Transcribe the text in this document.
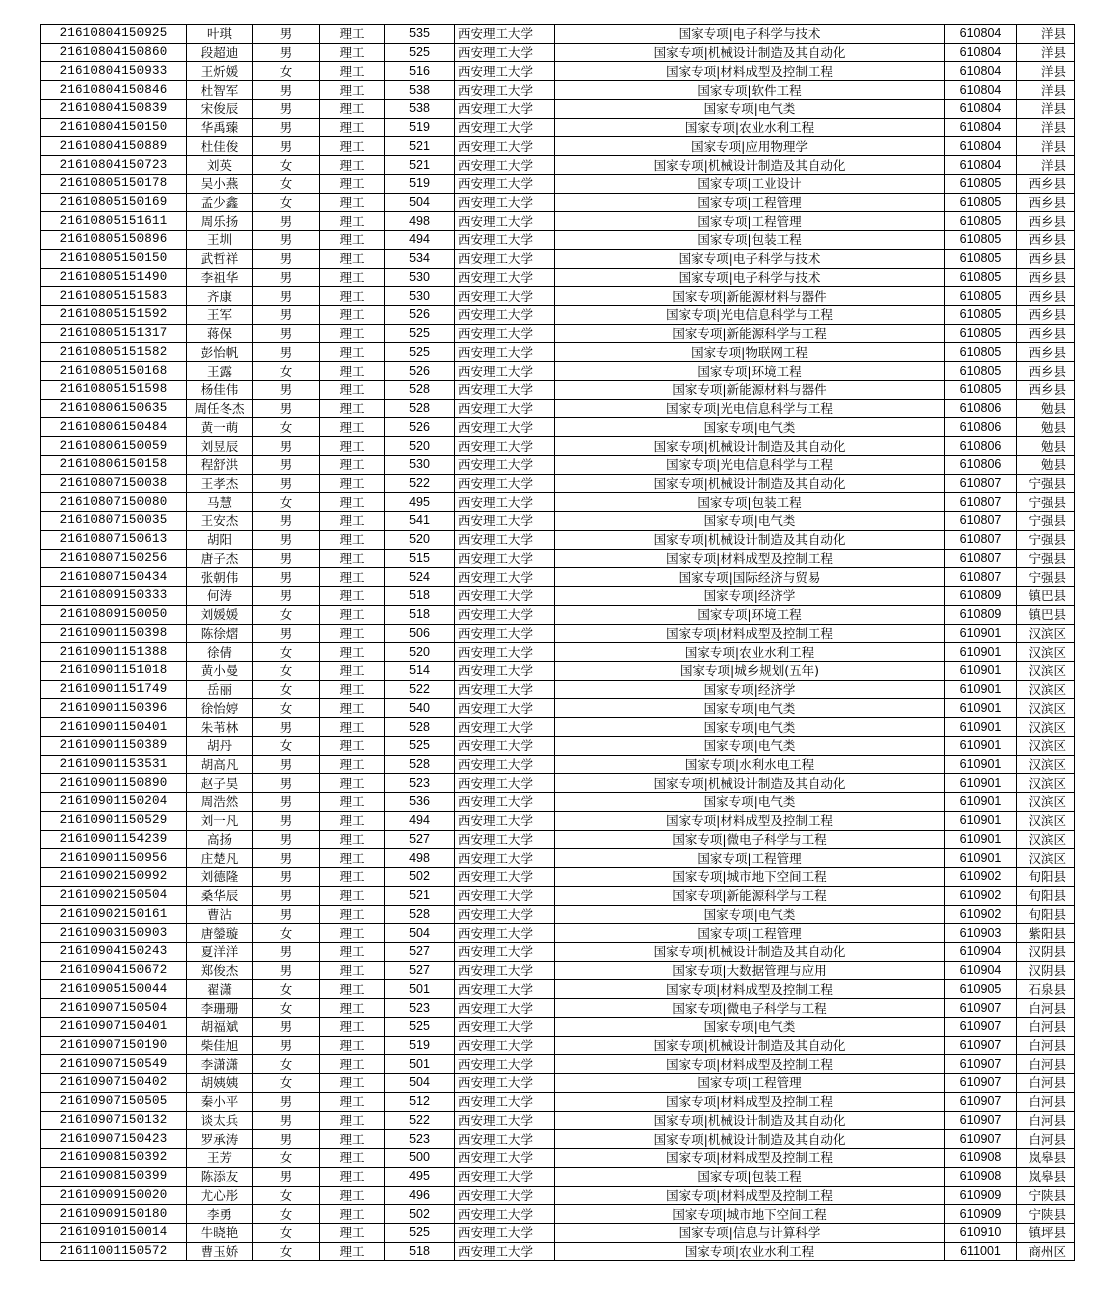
21610804150925	叶琪	男	理工	535	西安理工大学	国家专项|电子科学与技术	610804	洋县
21610804150860	段超迪	男	理工	525	西安理工大学	国家专项|机械设计制造及其自动化	610804	洋县
21610804150933	王炘媛	女	理工	516	西安理工大学	国家专项|材料成型及控制工程	610804	洋县
21610804150846	杜智军	男	理工	538	西安理工大学	国家专项|软件工程	610804	洋县
21610804150839	宋俊辰	男	理工	538	西安理工大学	国家专项|电气类	610804	洋县
21610804150150	华禹臻	男	理工	519	西安理工大学	国家专项|农业水利工程	610804	洋县
21610804150889	杜佳俊	男	理工	521	西安理工大学	国家专项|应用物理学	610804	洋县
21610804150723	刘英	女	理工	521	西安理工大学	国家专项|机械设计制造及其自动化	610804	洋县
21610805150178	吴小燕	女	理工	519	西安理工大学	国家专项|工业设计	610805	西乡县
21610805150169	孟少鑫	女	理工	504	西安理工大学	国家专项|工程管理	610805	西乡县
21610805151611	周乐扬	男	理工	498	西安理工大学	国家专项|工程管理	610805	西乡县
21610805150896	王圳	男	理工	494	西安理工大学	国家专项|包装工程	610805	西乡县
21610805150150	武哲祥	男	理工	534	西安理工大学	国家专项|电子科学与技术	610805	西乡县
21610805151490	李祖华	男	理工	530	西安理工大学	国家专项|电子科学与技术	610805	西乡县
21610805151583	齐康	男	理工	530	西安理工大学	国家专项|新能源材料与器件	610805	西乡县
21610805151592	王军	男	理工	526	西安理工大学	国家专项|光电信息科学与工程	610805	西乡县
21610805151317	蒋保	男	理工	525	西安理工大学	国家专项|新能源科学与工程	610805	西乡县
21610805151582	彭怡帆	男	理工	525	西安理工大学	国家专项|物联网工程	610805	西乡县
21610805150168	王露	女	理工	526	西安理工大学	国家专项|环境工程	610805	西乡县
21610805151598	杨佳伟	男	理工	528	西安理工大学	国家专项|新能源材料与器件	610805	西乡县
21610806150635	周任冬杰	男	理工	528	西安理工大学	国家专项|光电信息科学与工程	610806	勉县
21610806150484	黄一萌	女	理工	526	西安理工大学	国家专项|电气类	610806	勉县
21610806150059	刘昱辰	男	理工	520	西安理工大学	国家专项|机械设计制造及其自动化	610806	勉县
21610806150158	程舒洪	男	理工	530	西安理工大学	国家专项|光电信息科学与工程	610806	勉县
21610807150038	王孝杰	男	理工	522	西安理工大学	国家专项|机械设计制造及其自动化	610807	宁强县
21610807150080	马慧	女	理工	495	西安理工大学	国家专项|包装工程	610807	宁强县
21610807150035	王安杰	男	理工	541	西安理工大学	国家专项|电气类	610807	宁强县
21610807150613	胡阳	男	理工	520	西安理工大学	国家专项|机械设计制造及其自动化	610807	宁强县
21610807150256	唐子杰	男	理工	515	西安理工大学	国家专项|材料成型及控制工程	610807	宁强县
21610807150434	张朝伟	男	理工	524	西安理工大学	国家专项|国际经济与贸易	610807	宁强县
21610809150333	何涛	男	理工	518	西安理工大学	国家专项|经济学	610809	镇巴县
21610809150050	刘媛媛	女	理工	518	西安理工大学	国家专项|环境工程	610809	镇巴县
21610901150398	陈徐熠	男	理工	506	西安理工大学	国家专项|材料成型及控制工程	610901	汉滨区
21610901151388	徐倩	女	理工	520	西安理工大学	国家专项|农业水利工程	610901	汉滨区
21610901151018	黄小曼	女	理工	514	西安理工大学	国家专项|城乡规划(五年)	610901	汉滨区
21610901151749	岳丽	女	理工	522	西安理工大学	国家专项|经济学	610901	汉滨区
21610901150396	徐怡婷	女	理工	540	西安理工大学	国家专项|电气类	610901	汉滨区
21610901150401	朱苇林	男	理工	528	西安理工大学	国家专项|电气类	610901	汉滨区
21610901150389	胡丹	女	理工	525	西安理工大学	国家专项|电气类	610901	汉滨区
21610901153531	胡高凡	男	理工	528	西安理工大学	国家专项|水利水电工程	610901	汉滨区
21610901150890	赵子昊	男	理工	523	西安理工大学	国家专项|机械设计制造及其自动化	610901	汉滨区
21610901150204	周浩然	男	理工	536	西安理工大学	国家专项|电气类	610901	汉滨区
21610901150529	刘一凡	男	理工	494	西安理工大学	国家专项|材料成型及控制工程	610901	汉滨区
21610901154239	高扬	男	理工	527	西安理工大学	国家专项|微电子科学与工程	610901	汉滨区
21610901150956	庄楚凡	男	理工	498	西安理工大学	国家专项|工程管理	610901	汉滨区
21610902150992	刘德隆	男	理工	502	西安理工大学	国家专项|城市地下空间工程	610902	旬阳县
21610902150504	桑华辰	男	理工	521	西安理工大学	国家专项|新能源科学与工程	610902	旬阳县
21610902150161	曹沾	男	理工	528	西安理工大学	国家专项|电气类	610902	旬阳县
21610903150903	唐鎣璇	女	理工	504	西安理工大学	国家专项|工程管理	610903	紫阳县
21610904150243	夏洋洋	男	理工	527	西安理工大学	国家专项|机械设计制造及其自动化	610904	汉阴县
21610904150672	郑俊杰	男	理工	527	西安理工大学	国家专项|大数据管理与应用	610904	汉阴县
21610905150044	翟潇	女	理工	501	西安理工大学	国家专项|材料成型及控制工程	610905	石泉县
21610907150504	李珊珊	女	理工	523	西安理工大学	国家专项|微电子科学与工程	610907	白河县
21610907150401	胡福斌	男	理工	525	西安理工大学	国家专项|电气类	610907	白河县
21610907150190	柴佳旭	男	理工	519	西安理工大学	国家专项|机械设计制造及其自动化	610907	白河县
21610907150549	李潇潇	女	理工	501	西安理工大学	国家专项|材料成型及控制工程	610907	白河县
21610907150402	胡姨姨	女	理工	504	西安理工大学	国家专项|工程管理	610907	白河县
21610907150505	秦小平	男	理工	512	西安理工大学	国家专项|材料成型及控制工程	610907	白河县
21610907150132	谈太兵	男	理工	522	西安理工大学	国家专项|机械设计制造及其自动化	610907	白河县
21610907150423	罗承涛	男	理工	523	西安理工大学	国家专项|机械设计制造及其自动化	610907	白河县
21610908150392	王芳	女	理工	500	西安理工大学	国家专项|材料成型及控制工程	610908	岚皋县
21610908150399	陈添友	男	理工	495	西安理工大学	国家专项|包装工程	610908	岚皋县
21610909150020	尤心彤	女	理工	496	西安理工大学	国家专项|材料成型及控制工程	610909	宁陕县
21610909150180	李勇	女	理工	502	西安理工大学	国家专项|城市地下空间工程	610909	宁陕县
21610910150014	牛晓艳	女	理工	525	西安理工大学	国家专项|信息与计算科学	610910	镇坪县
21611001150572	曹玉娇	女	理工	518	西安理工大学	国家专项|农业水利工程	611001	商州区
